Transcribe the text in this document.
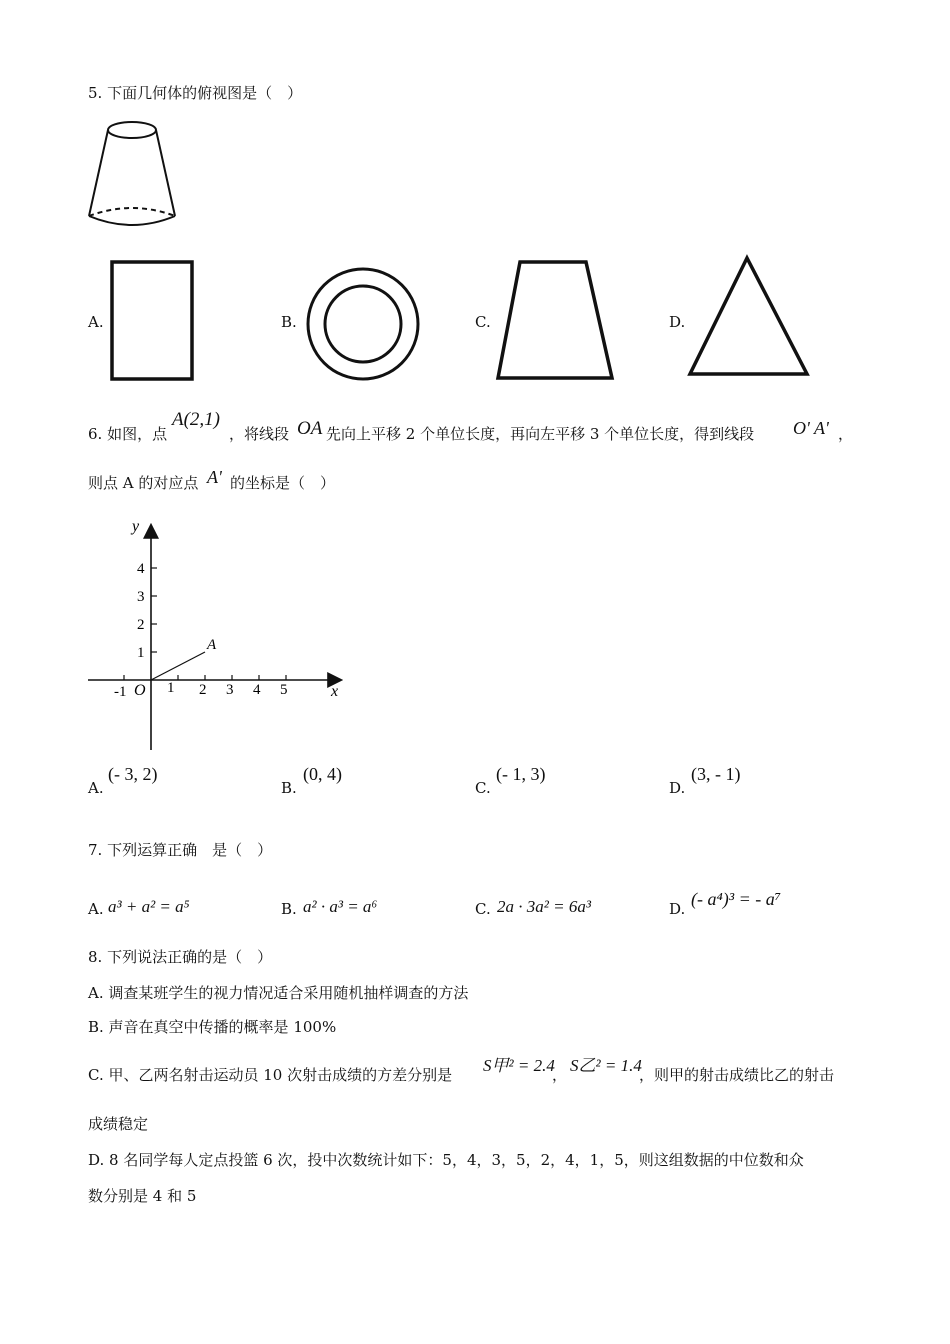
5. 下面几何体的俯视图是（　）
A.	B.	C.	D.
6. 如图，点
A(2,1)
，将线段 OA 先向上平移 2 个单位长度，再向左平移 3 个单位长度，得到线段 O' A' ，
则点 A 的对应点 A' 的坐标是（　）
-1	1 2 3 4 5
1
2
3
4
O
A
x
y
A.
(- 3, 2)
B.
(0, 4)
C.
(- 1, 3)
D.
(3, - 1)
7. 下列运算正确　是（　）
A. a³ + a² = a⁵	B. a² · a³ = a⁶	C. 2a · 3a² = 6a³	D. (- a⁴)³ = - a⁷
8. 下列说法正确的是（　）
A. 调查某班学生的视力情况适合采用随机抽样调查的方法
B. 声音在真空中传播的概率是 100%
C. 甲、乙两名射击运动员 10 次射击成绩的方差分别是 S甲² = 2.4
， S乙² = 1.4
，则甲的射击成绩比乙的射击
成绩稳定
D. 8 名同学每人定点投篮 6 次，投中次数统计如下：5，4，3，5，2，4，1，5，则这组数据的中位数和众
数分别是 4 和 5
